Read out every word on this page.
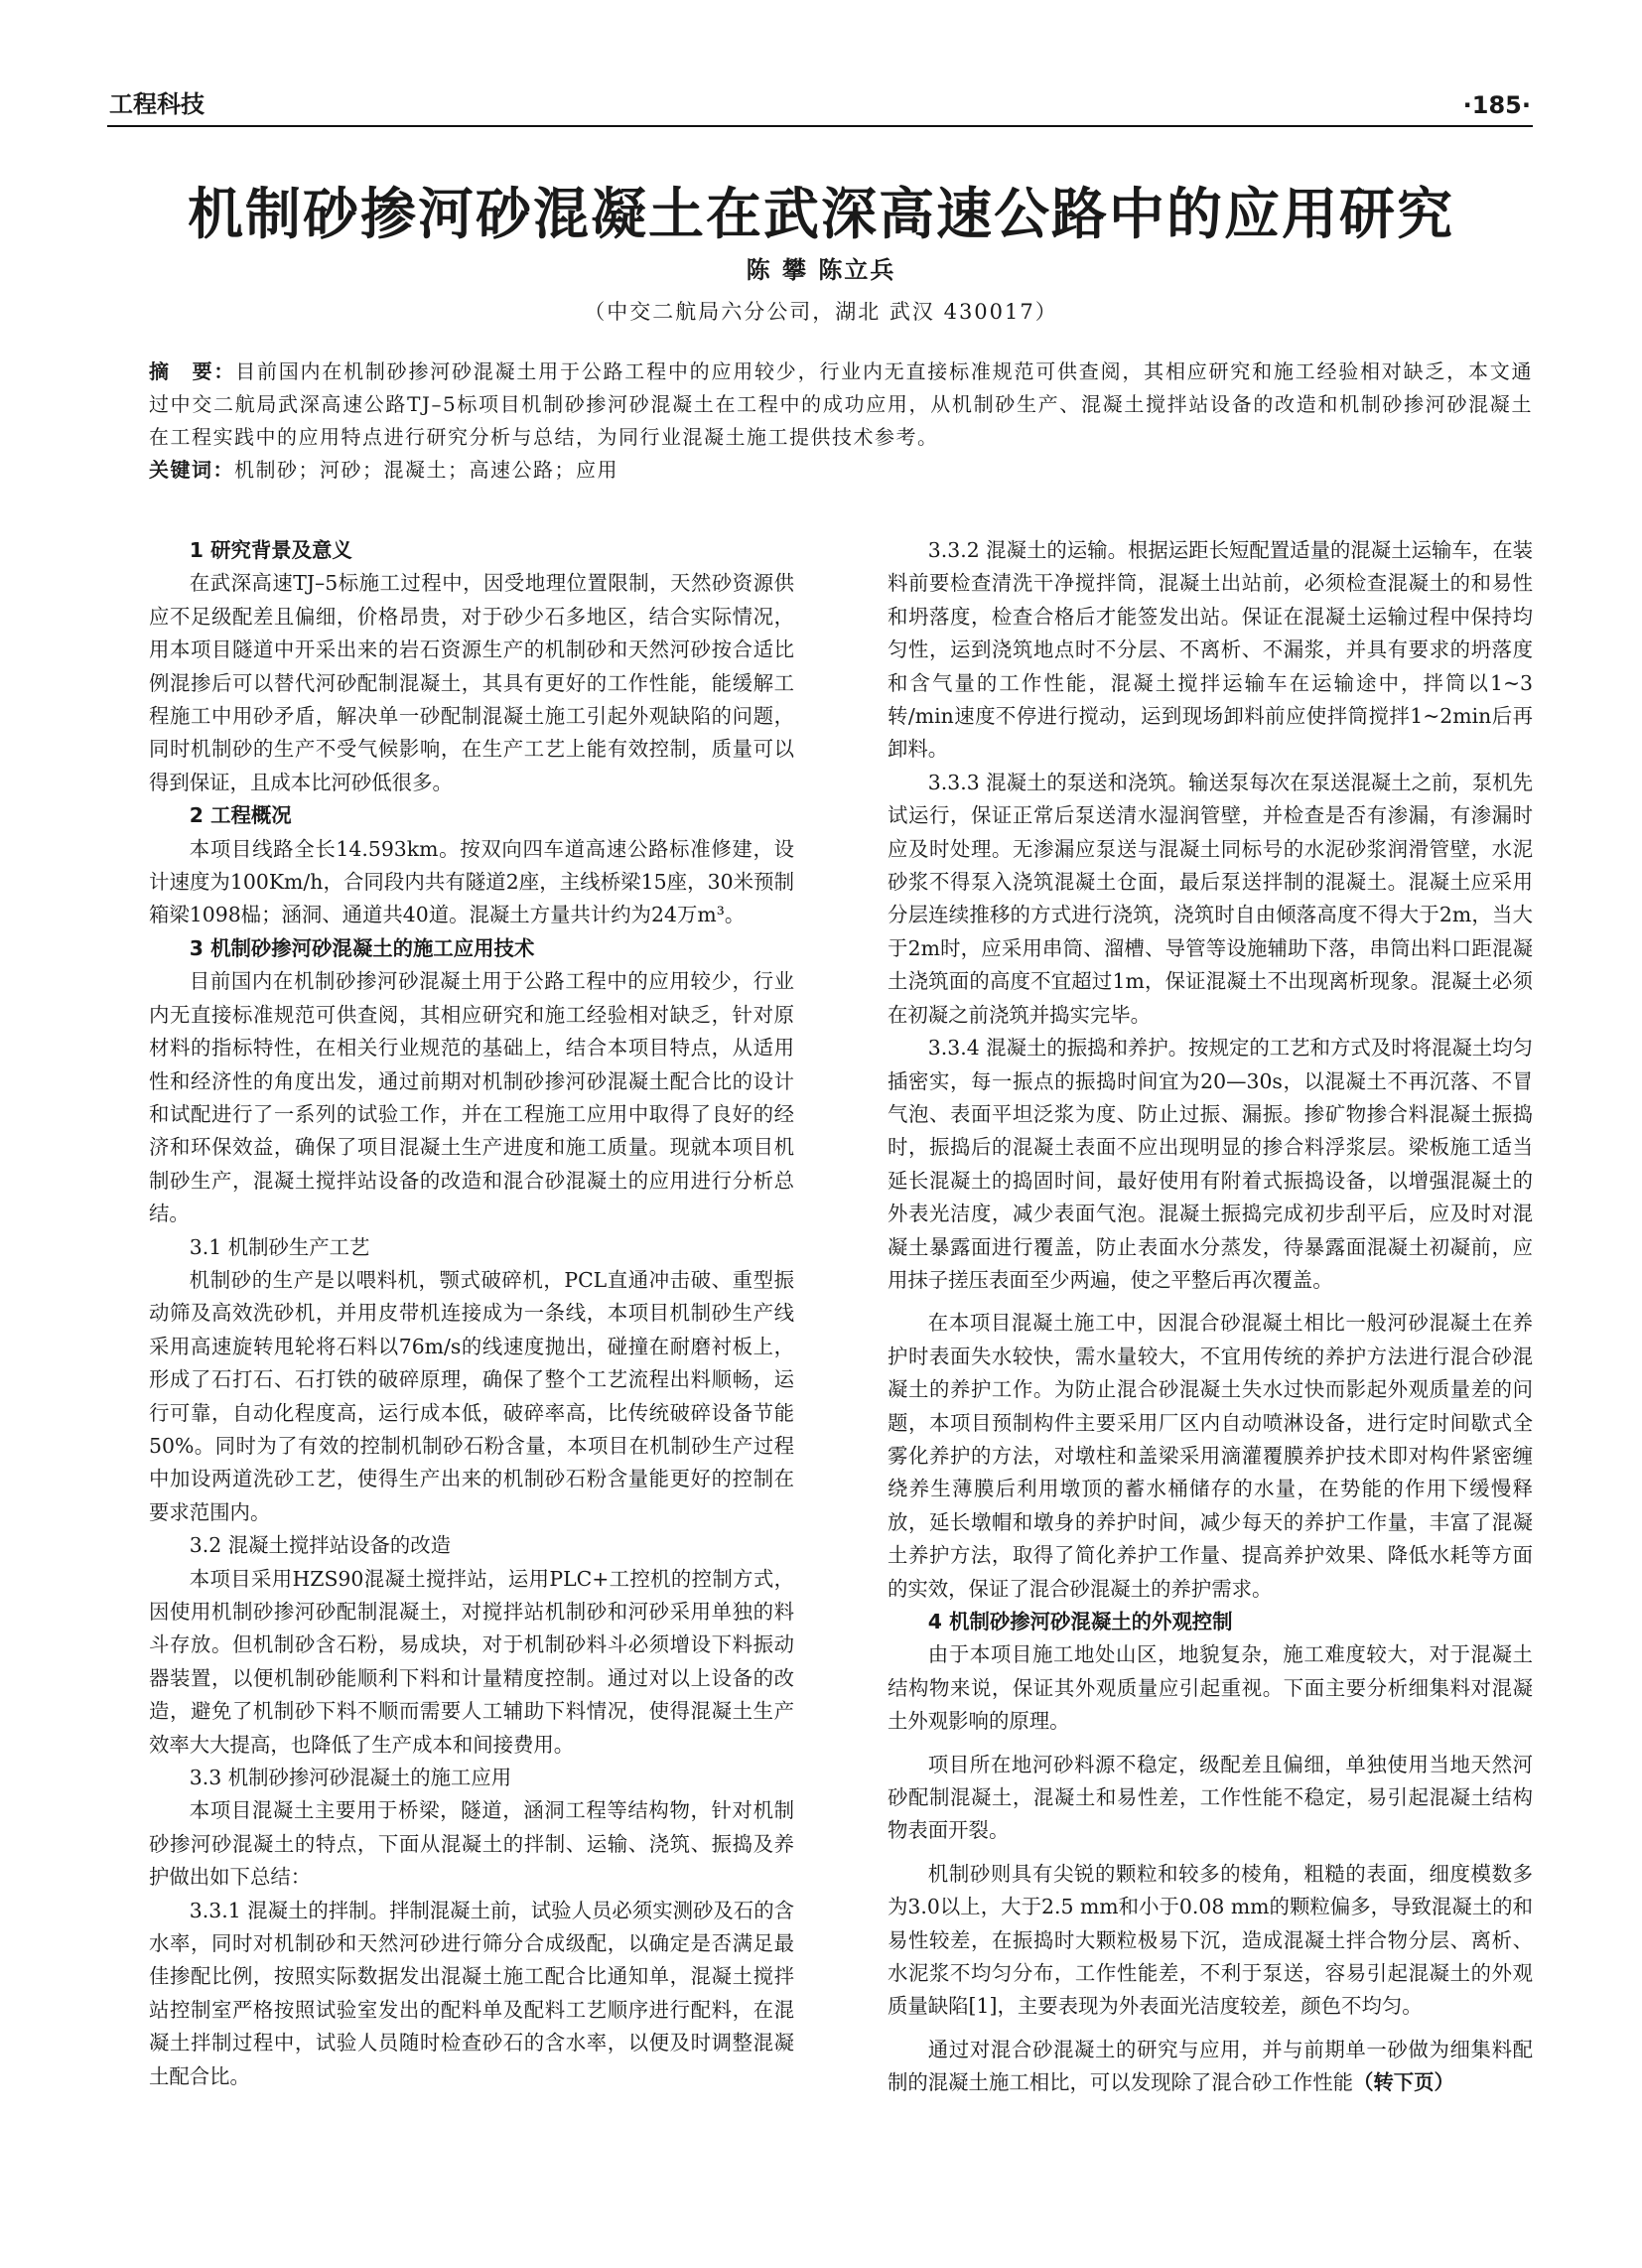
工程科技	·185·
机制砂掺河砂混凝土在武深高速公路中的应用研究
陈 攀 陈立兵
（中交二航局六分公司，湖北 武汉 430017）

摘　要：目前国内在机制砂掺河砂混凝土用于公路工程中的应用较少，行业内无直接标准规范可供查阅，其相应研究和施工经验相对缺乏，本文通过中交二航局武深高速公路TJ–5标项目机制砂掺河砂混凝土在工程中的成功应用，从机制砂生产、混凝土搅拌站设备的改造和机制砂掺河砂混凝土在工程实践中的应用特点进行研究分析与总结，为同行业混凝土施工提供技术参考。

关键词：机制砂；河砂；混凝土；高速公路；应用

1 研究背景及意义

在武深高速TJ–5标施工过程中，因受地理位置限制，天然砂资源供应不足级配差且偏细，价格昂贵，对于砂少石多地区，结合实际情况，用本项目隧道中开采出来的岩石资源生产的机制砂和天然河砂按合适比例混掺后可以替代河砂配制混凝土，其具有更好的工作性能，能缓解工程施工中用砂矛盾，解决单一砂配制混凝土施工引起外观缺陷的问题，同时机制砂的生产不受气候影响，在生产工艺上能有效控制，质量可以得到保证，且成本比河砂低很多。

2 工程概况

本项目线路全长14.593km。按双向四车道高速公路标准修建，设计速度为100Km/h，合同段内共有隧道2座，主线桥梁15座，30米预制箱梁1098榀；涵洞、通道共40道。混凝土方量共计约为24万m³。

3 机制砂掺河砂混凝土的施工应用技术

目前国内在机制砂掺河砂混凝土用于公路工程中的应用较少，行业内无直接标准规范可供查阅，其相应研究和施工经验相对缺乏，针对原材料的指标特性，在相关行业规范的基础上，结合本项目特点，从适用性和经济性的角度出发，通过前期对机制砂掺河砂混凝土配合比的设计和试配进行了一系列的试验工作，并在工程施工应用中取得了良好的经济和环保效益，确保了项目混凝土生产进度和施工质量。现就本项目机制砂生产，混凝土搅拌站设备的改造和混合砂混凝土的应用进行分析总结。

3.1 机制砂生产工艺

机制砂的生产是以喂料机，颚式破碎机，PCL直通冲击破、重型振动筛及高效洗砂机，并用皮带机连接成为一条线，本项目机制砂生产线采用高速旋转甩轮将石料以76m/s的线速度抛出，碰撞在耐磨衬板上，形成了石打石、石打铁的破碎原理，确保了整个工艺流程出料顺畅，运行可靠，自动化程度高，运行成本低，破碎率高，比传统破碎设备节能50%。同时为了有效的控制机制砂石粉含量，本项目在机制砂生产过程中加设两道洗砂工艺，使得生产出来的机制砂石粉含量能更好的控制在要求范围内。

3.2 混凝土搅拌站设备的改造

本项目采用HZS90混凝土搅拌站，运用PLC+工控机的控制方式，因使用机制砂掺河砂配制混凝土，对搅拌站机制砂和河砂采用单独的料斗存放。但机制砂含石粉，易成块，对于机制砂料斗必须增设下料振动器装置，以便机制砂能顺利下料和计量精度控制。通过对以上设备的改造，避免了机制砂下料不顺而需要人工辅助下料情况，使得混凝土生产效率大大提高，也降低了生产成本和间接费用。

3.3 机制砂掺河砂混凝土的施工应用

本项目混凝土主要用于桥梁，隧道，涵洞工程等结构物，针对机制砂掺河砂混凝土的特点，下面从混凝土的拌制、运输、浇筑、振捣及养护做出如下总结：

3.3.1 混凝土的拌制。拌制混凝土前，试验人员必须实测砂及石的含水率，同时对机制砂和天然河砂进行筛分合成级配，以确定是否满足最佳掺配比例，按照实际数据发出混凝土施工配合比通知单，混凝土搅拌站控制室严格按照试验室发出的配料单及配料工艺顺序进行配料，在混凝土拌制过程中，试验人员随时检查砂石的含水率，以便及时调整混凝土配合比。

3.3.2 混凝土的运输。根据运距长短配置适量的混凝土运输车，在装料前要检查清洗干净搅拌筒，混凝土出站前，必须检查混凝土的和易性和坍落度，检查合格后才能签发出站。保证在混凝土运输过程中保持均匀性，运到浇筑地点时不分层、不离析、不漏浆，并具有要求的坍落度和含气量的工作性能，混凝土搅拌运输车在运输途中，拌筒以1~3转/min速度不停进行搅动，运到现场卸料前应使拌筒搅拌1~2min后再卸料。

3.3.3 混凝土的泵送和浇筑。输送泵每次在泵送混凝土之前，泵机先试运行，保证正常后泵送清水湿润管壁，并检查是否有渗漏，有渗漏时应及时处理。无渗漏应泵送与混凝土同标号的水泥砂浆润滑管壁，水泥砂浆不得泵入浇筑混凝土仓面，最后泵送拌制的混凝土。混凝土应采用分层连续推移的方式进行浇筑，浇筑时自由倾落高度不得大于2m，当大于2m时，应采用串筒、溜槽、导管等设施辅助下落，串筒出料口距混凝土浇筑面的高度不宜超过1m，保证混凝土不出现离析现象。混凝土必须在初凝之前浇筑并捣实完毕。

3.3.4 混凝土的振捣和养护。按规定的工艺和方式及时将混凝土均匀插密实，每一振点的振捣时间宜为20—30s，以混凝土不再沉落、不冒气泡、表面平坦泛浆为度、防止过振、漏振。掺矿物掺合料混凝土振捣时，振捣后的混凝土表面不应出现明显的掺合料浮浆层。梁板施工适当延长混凝土的捣固时间，最好使用有附着式振捣设备，以增强混凝土的外表光洁度，减少表面气泡。混凝土振捣完成初步刮平后，应及时对混凝土暴露面进行覆盖，防止表面水分蒸发，待暴露面混凝土初凝前，应用抹子搓压表面至少两遍，使之平整后再次覆盖。

在本项目混凝土施工中，因混合砂混凝土相比一般河砂混凝土在养护时表面失水较快，需水量较大，不宜用传统的养护方法进行混合砂混凝土的养护工作。为防止混合砂混凝土失水过快而影起外观质量差的问题，本项目预制构件主要采用厂区内自动喷淋设备，进行定时间歇式全雾化养护的方法，对墩柱和盖梁采用滴灌覆膜养护技术即对构件紧密缠绕养生薄膜后利用墩顶的蓄水桶储存的水量，在势能的作用下缓慢释放，延长墩帽和墩身的养护时间，减少每天的养护工作量，丰富了混凝土养护方法，取得了简化养护工作量、提高养护效果、降低水耗等方面的实效，保证了混合砂混凝土的养护需求。

4 机制砂掺河砂混凝土的外观控制

由于本项目施工地处山区，地貌复杂，施工难度较大，对于混凝土结构物来说，保证其外观质量应引起重视。下面主要分析细集料对混凝土外观影响的原理。

项目所在地河砂料源不稳定，级配差且偏细，单独使用当地天然河砂配制混凝土，混凝土和易性差，工作性能不稳定，易引起混凝土结构物表面开裂。

机制砂则具有尖锐的颗粒和较多的棱角，粗糙的表面，细度模数多为3.0以上，大于2.5 mm和小于0.08 mm的颗粒偏多，导致混凝土的和易性较差，在振捣时大颗粒极易下沉，造成混凝土拌合物分层、离析、水泥浆不均匀分布，工作性能差，不利于泵送，容易引起混凝土的外观质量缺陷[1]，主要表现为外表面光洁度较差，颜色不均匀。

通过对混合砂混凝土的研究与应用，并与前期单一砂做为细集料配制的混凝土施工相比，可以发现除了混合砂工作性能（转下页）
